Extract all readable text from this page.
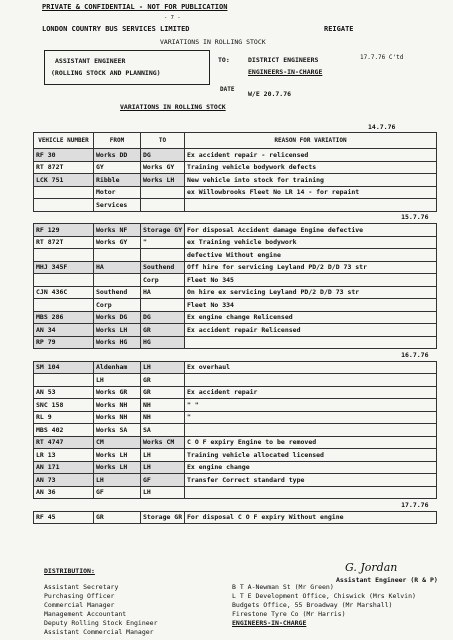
PRIVATE & CONFIDENTIAL - NOT FOR PUBLICATION
- 7 -
LONDON COUNTRY BUS SERVICES LIMITED	REIGATE
VARIATIONS IN ROLLING STOCK
ASSISTANT ENGINEER
(ROLLING STOCK AND PLANNING)
TO:	DISTRICT ENGINEERS
ENGINEERS-IN-CHARGE
17.7.76 C'td
DATE
W/E 20.7.76
VARIATIONS IN ROLLING STOCK
14.7.76
VEHICLE NUMBER	FROM	TO	REASON FOR VARIATION
RF 30	Works DD	DG	Ex accident repair - relicensed
RT 872T	GY	Works GY	Training vehicle bodywork defects
LCK 751	Ribble	Works LH	New vehicle into stock for training
	Motor		ex Willowbrooks Fleet No LR 14 - for repaint
	Services		
15.7.76			
RF 129	Works NF	Storage GY	For disposal Accident damage Engine defective
RT 872T	Works GY	"	ex Training vehicle bodywork
			defective Without engine
MHJ 345F	HA	Southend	Off hire for servicing Leyland PD/2 D/D 73 str
		Corp	Fleet No 345
CJN 436C	Southend	HA	On hire ex servicing Leyland PD/2 D/D 73 str
	Corp		Fleet No 334
MBS 286	Works DG	DG	Ex engine change Relicensed
AN 34	Works LH	GR	Ex accident repair Relicensed
RP 79	Works HG	HG	
16.7.76			
SM 104	Aldenham	LH	Ex overhaul
	LH	GR	
AN 53	Works GR	GR	Ex accident repair
SNC 158	Works NH	NH	" "
RL 9	Works NH	NH	"
MBS 402	Works SA	SA	
RT 4747	CM	Works CM	C O F expiry Engine to be removed
LR 13	Works LH	LH	Training vehicle allocated licensed
AN 171	Works LH	LH	Ex engine change
AN 73	LH	GF	Transfer Correct standard type
AN 36	GF	LH	
17.7.76			
RF 45	GR	Storage GR	For disposal C O F expiry Without engine
G. Jordan
Assistant Engineer (R & P)
DISTRIBUTION:
Assistant Secretary
Purchasing Officer
Commercial Manager
Management Accountant
Deputy Rolling Stock Engineer
Assistant Commercial Manager
B T A-Newman St (Mr Green)
L T E Development Office, Chiswick (Mrs Kelvin)
Budgets Office, 55 Broadway (Mr Marshall)
Firestone Tyre Co (Mr Harris)
ENGINEERS-IN-CHARGE
